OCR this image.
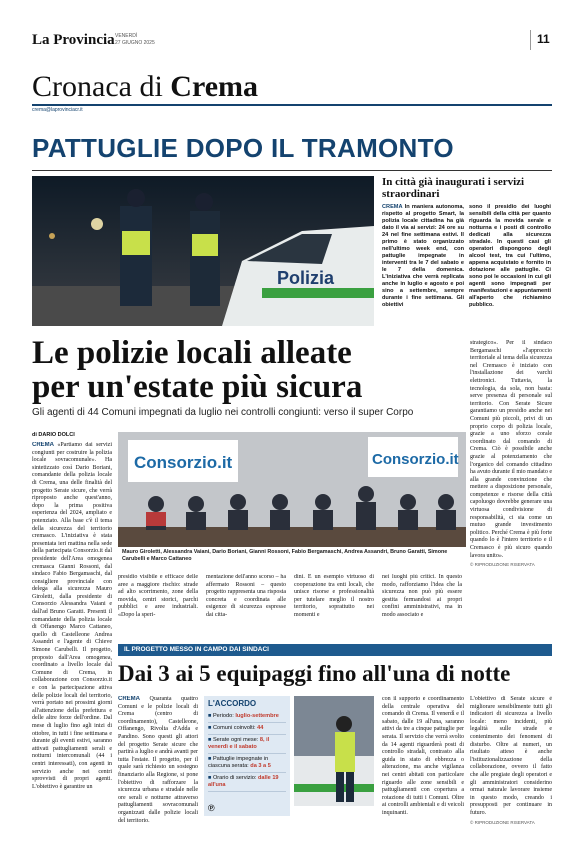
La Provincia VENERDÌ
27 GIUGNO 2025	11
Cronaca di Crema
crema@laprovinciacr.it
PATTUGLIE DOPO IL TRAMONTO
Polizia
In città già inaugurati i servizi straordinari
CREMA In maniera autonoma, rispetto al progetto Smart, la polizia locale cittadina ha già dato il via ai servizi: 24 ore su 24 nel fine settimana estivi. Il primo è stato organizzato nell'ultimo week end, con pattuglie impegnate in interventi tra le 7 del sabato e le 7 della domenica. L'iniziativa che verrà replicata anche in luglio e agosto e poi sino a settembre, sempre durante i fine settimana. Gli obiettivi
sono il presidio dei luoghi sensibili della città per quanto riguarda la movida serale e notturna e i posti di controllo dedicati alla sicurezza stradale. In questi casi gli operatori dispongono degli alcool test, tra cui l'ultimo, appena acquistato e fornito in dotazione alle pattuglie. Ci sono poi le occasioni in cui gli agenti sono impegnati per manifestazioni e appuntamenti all'aperto che richiamino pubblico.
Le polizie locali alleate
per un'estate più sicura
Gli agenti di 44 Comuni impegnati da luglio nei controlli congiunti: verso il super Corpo
di DARIO DOLCI
CREMA «Partiamo dai servizi congiunti per costruire la polizia locale sovracomunale». Ha sintetizzato così Dario Boriani, comandante della polizia locale di Crema, una delle finalità del progetto Serate sicure, che verrà riproposto anche quest'anno, dopo la prima positiva esperienza del 2024, ampliato e potenziato. Alla base c'è il tema della sicurezza del territorio cremasco. L'iniziativa è stata presentata ieri mattina nella sede della partecipata Consorzio.it dal presidente dell'Area omogenea cremasca Gianni Rossoni, dal sindaco Fabio Bergamaschi, dal consigliere provinciale con delega alla sicurezza Mauro Giroletti, dalla presidente di Consorzio Alessandra Vaiani e dall'ad Bruno Garatti. Presenti il comandante della polizia locale di Offanengo Marco Cattaneo, quello di Castelleone Andrea Assandri e l'agente di Chieve Simone Carubelli. Il progetto, proposto dall'Area omogenea, coordinato a livello locale dal Comune di Crema, in collaborazione con Consorzio.it e con la partecipazione attiva delle polizie locali del territorio, verrà portato nei prossimi giorni all'attenzione della prefettura e delle altre forze dell'ordine. Dal mese di luglio fino agli inizi di ottobre, in tutti i fine settimana e durante gli eventi estivi, saranno attivati pattugliamenti serali e notturni intercomunali (44 i centri interessati), con agenti in servizio anche nei centri sprovvisti di propri agenti. L'obiettivo è garantire un
Consorzio.it	Consorzio.it
Mauro Giroletti, Alessandra Vaiani, Dario Boriani, Gianni Rossoni, Fabio Bergamaschi, Andrea Assandri, Bruno Garatti, Simone Carubelli e Marco Cattaneo
presidio visibile e efficace delle aree a maggiore rischio: strade ad alto scorrimento, zone della movida, centri storici, parchi pubblici e aree industriali. «Dopo la speri-
mentazione dell'anno scorso – ha affermato Rossoni – questo progetto rappresenta una risposta concreta e coordinata alle esigenze di sicurezza espresse dai citta-
dini. È un esempio virtuoso di cooperazione tra enti locali, che unisce risorse e professionalità per tutelare meglio il nostro territorio, soprattutto nei momenti e
nei luoghi più critici. In questo modo, rafforziamo l'idea che la sicurezza non può più essere gestita fermandosi ai propri confini amministrativi, ma in modo associato e
strategico». Per il sindaco Bergamaschi «l'approccio territoriale al tema della sicurezza nel Cremasco è iniziato con l'installazione dei varchi elettronici. Tuttavia, la tecnologia, da sola, non basta: serve presenza di personale sul territorio. Con Serate Sicure garantiamo un presidio anche nei Comuni più piccoli, privi di un proprio corpo di polizia locale, grazie a uno sforzo corale coordinato dal comando di Crema. Ciò è possibile anche grazie al potenziamento che l'organico del comando cittadino ha avuto durante il mio mandato e alla grande convinzione che mettere a disposizione personale, competenze e risorse della città capoluogo dovrebbe generare una virtuosa condivisione di responsabilità, ci sia come un mutuo grande investimento politico. Perché Crema è più forte quando lo è l'intero territorio e il Cremasco è più sicuro quando lavora unito».
© RIPRODUZIONE RISERVATA
IL PROGETTO MESSO IN CAMPO DAI SINDACI
Dai 3 ai 5 equipaggi fino all'una di notte
CREMA Quaranta quattro Comuni e le polizie locali di Crema (centro di coordinamento), Castelleone, Offanengo, Rivolta d'Adda e Pandino. Sono questi gli attori del progetto Serate sicure che partirà a luglio e andrà avanti per tutta l'estate. Il progetto, per il quale sarà richiesto un sostegno finanziario alla Regione, si pone l'obiettivo di rafforzare la sicurezza urbana e stradale nelle ore serali e notturne attraverso pattugliamenti sovracomunali organizzati dalle polizie locali del territorio.
L'ACCORDO
■ Periodo: luglio-settembre
■ Comuni coinvolti: 44
■ Serate ogni mese: 8, il venerdì e il sabato
■ Pattuglie impegnate in ciascuna serata: da 3 a 5
■ Orario di servizio: dalle 19 all'una
℗
con il supporto e coordinamento della centrale operativa del comando di Crema. Il venerdì e il sabato, dalle 19 all'una, saranno attivi da tre a cinque pattuglie per serata. Il servizio che verrà svolto da 14 agenti riguarderà posti di controllo stradali, contrasto alla guida in stato di ebbrezza o alterazione, ma anche vigilanza nei centri abitati con particolare riguardo alle zone sensibili e pattugliamenti con copertura a rotazione di tutti i Comuni. Oltre ai controlli ambientali e di veicoli inquinanti.
L'obiettivo di Serate sicure è migliorare sensibilmente tutti gli indicatori di sicurezza a livello locale: meno incidenti, più legalità sulle strade e contenimento dei fenomeni di disturbo. Oltre ai numeri, un risultato atteso è anche l'istituzionalizzazione della collaborazione, ovvero il fatto che alle pregiate degli operatori e gli amministratori considerino ormai naturale lavorare insieme in questo modo, creando i presupposti per continuare in futuro.
© RIPRODUZIONE RISERVATA
